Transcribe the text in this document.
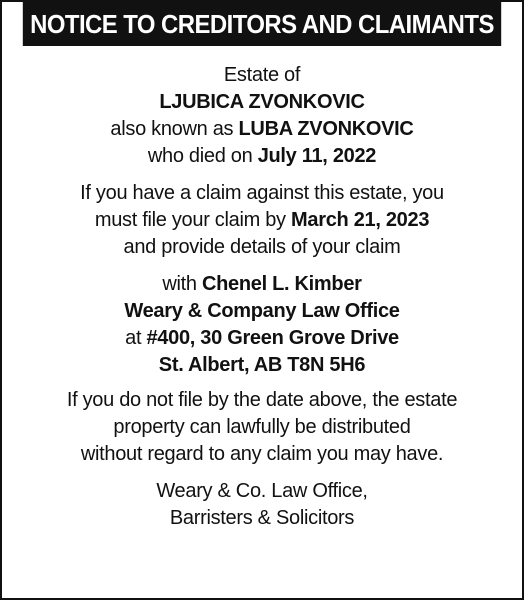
NOTICE TO CREDITORS AND CLAIMANTS
Estate of
LJUBICA ZVONKOVIC
also known as LUBA ZVONKOVIC
who died on July 11, 2022
If you have a claim against this estate, you
must file your claim by March 21, 2023
and provide details of your claim
with Chenel L. Kimber
Weary & Company Law Office
at #400, 30 Green Grove Drive
St. Albert, AB T8N 5H6
If you do not file by the date above, the estate
property can lawfully be distributed
without regard to any claim you may have.
Weary & Co. Law Office,
Barristers & Solicitors
